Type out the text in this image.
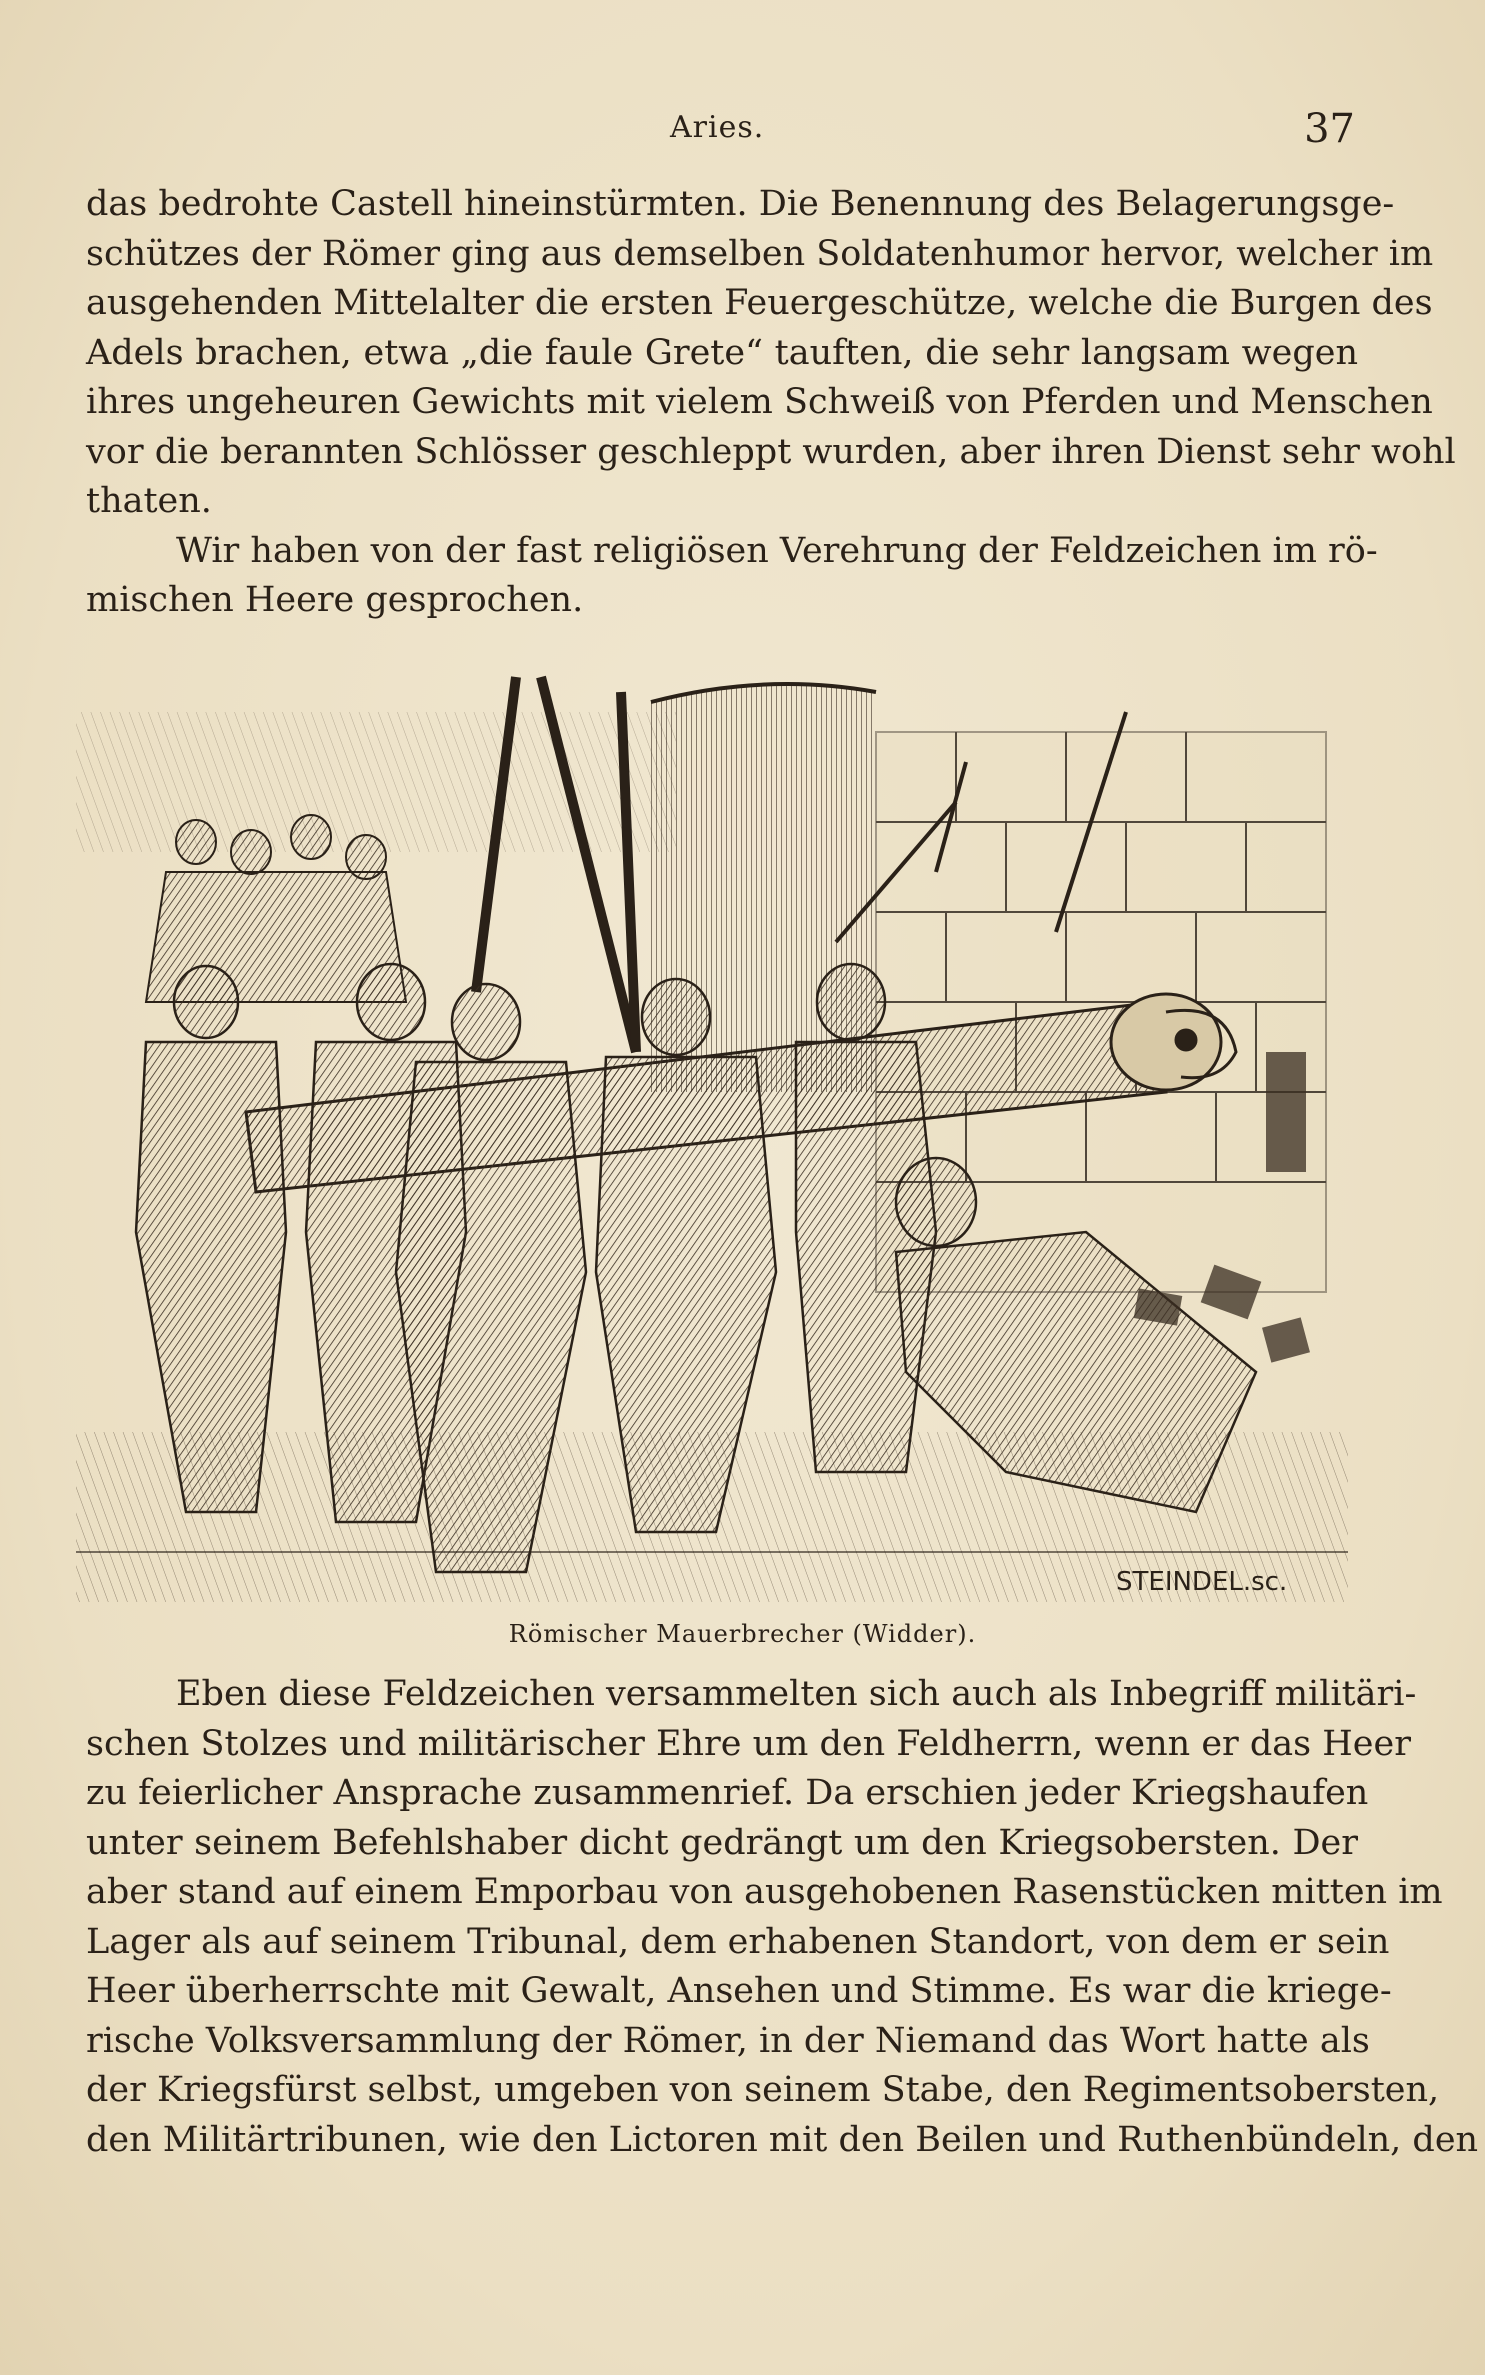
Aries.	37
das bedrohte Castell hineinstürmten. Die Benennung des Belagerungsge-
schützes der Römer ging aus demselben Soldatenhumor hervor, welcher im
ausgehenden Mittelalter die ersten Feuergeschütze, welche die Burgen des
Adels brachen, etwa „die faule Grete“ tauften, die sehr langsam wegen
ihres ungeheuren Gewichts mit vielem Schweiß von Pferden und Menschen
vor die berannten Schlösser geschleppt wurden, aber ihren Dienst sehr wohl
thaten.
Wir haben von der fast religiösen Verehrung der Feldzeichen im rö-
mischen Heere gesprochen.
STEINDEL.sc.
Römischer Mauerbrecher (Widder).
Eben diese Feldzeichen versammelten sich auch als Inbegriff militäri-
schen Stolzes und militärischer Ehre um den Feldherrn, wenn er das Heer
zu feierlicher Ansprache zusammenrief. Da erschien jeder Kriegshaufen
unter seinem Befehlshaber dicht gedrängt um den Kriegsobersten. Der
aber stand auf einem Emporbau von ausgehobenen Rasenstücken mitten im
Lager als auf seinem Tribunal, dem erhabenen Standort, von dem er sein
Heer überherrschte mit Gewalt, Ansehen und Stimme. Es war die kriege-
rische Volksversammlung der Römer, in der Niemand das Wort hatte als
der Kriegsfürst selbst, umgeben von seinem Stabe, den Regimentsobersten,
den Militärtribunen, wie den Lictoren mit den Beilen und Ruthenbündeln, den
